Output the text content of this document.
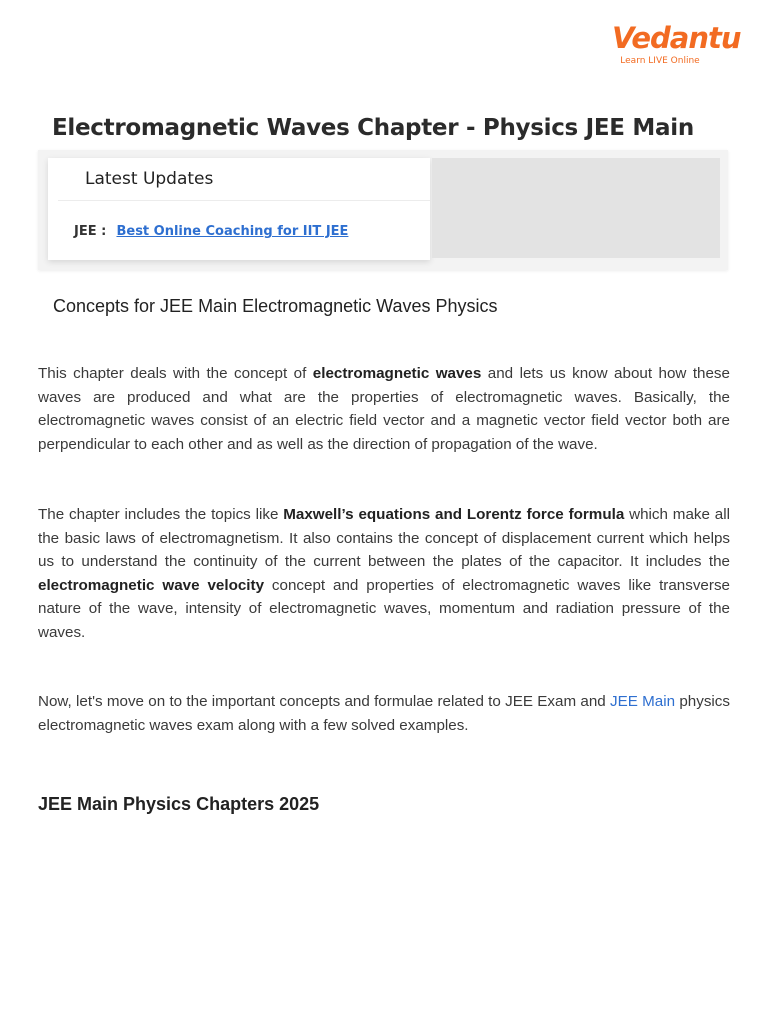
Vedantu
Learn LIVE Online
Electromagnetic Waves Chapter - Physics JEE Main
Latest Updates
JEE : Best Online Coaching for IIT JEE
Concepts for JEE Main Electromagnetic Waves Physics

This chapter deals with the concept of electromagnetic waves and lets us know about how these waves are produced and what are the properties of electromagnetic waves. Basically, the electromagnetic waves consist of an electric field vector and a magnetic vector field vector both are perpendicular to each other and as well as the direction of propagation of the wave.

The chapter includes the topics like Maxwell’s equations and Lorentz force formula which make all the basic laws of electromagnetism. It also contains the concept of displacement current which helps us to understand the continuity of the current between the plates of the capacitor. It includes the electromagnetic wave velocity concept and properties of electromagnetic waves like transverse nature of the wave, intensity of electromagnetic waves, momentum and radiation pressure of the waves.

Now, let's move on to the important concepts and formulae related to JEE Exam and JEE Main physics electromagnetic waves exam along with a few solved examples.

JEE Main Physics Chapters 2025
